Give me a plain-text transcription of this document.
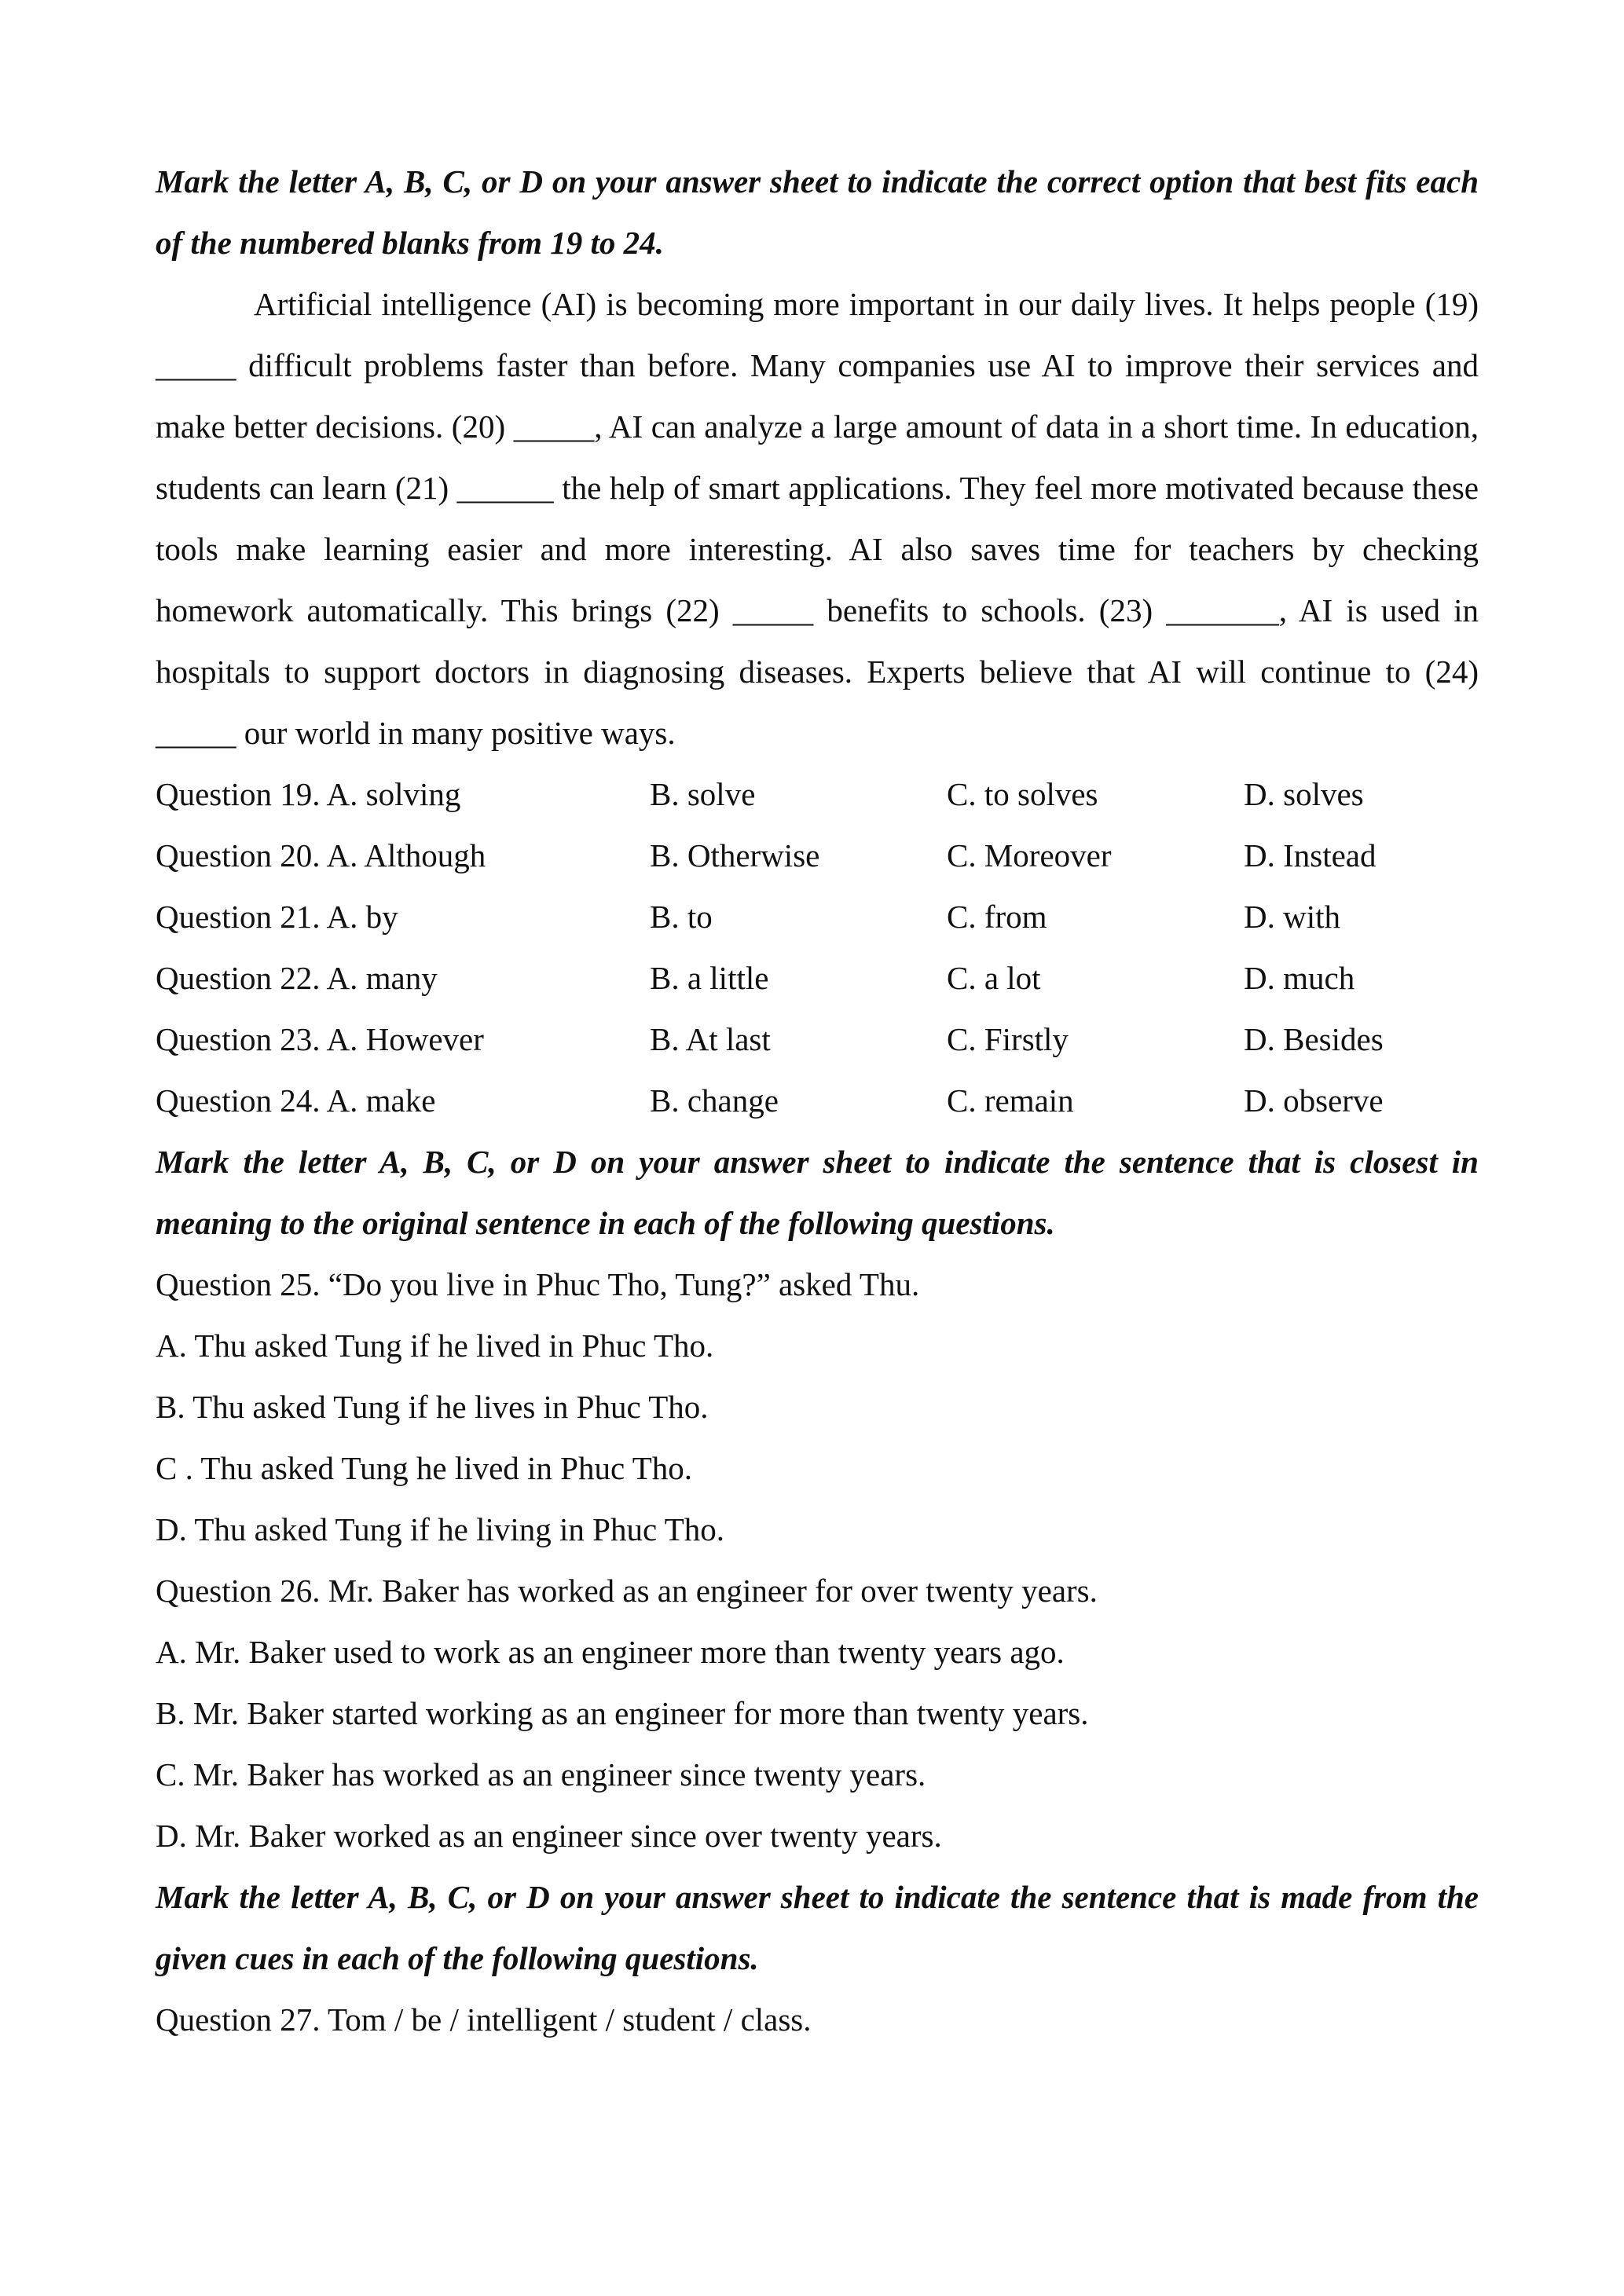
Mark the letter A, B, C, or D on your answer sheet to indicate the correct option that best fits each of the numbered blanks from 19 to 24.
Artificial intelligence (AI) is becoming more important in our daily lives. It helps people (19) _____ difficult problems faster than before. Many companies use AI to improve their services and make better decisions. (20) _____, AI can analyze a large amount of data in a short time. In education, students can learn (21) ______ the help of smart applications. They feel more motivated because these tools make learning easier and more interesting. AI also saves time for teachers by checking homework automatically. This brings (22) _____ benefits to schools. (23) _______, AI is used in hospitals to support doctors in diagnosing diseases. Experts believe that AI will continue to (24) _____ our world in many positive ways.
Question 19. A. solving	B. solve	C. to solves	D. solves
Question 20. A. Although	B. Otherwise	C. Moreover	D. Instead
Question 21. A. by	B. to	C. from	D. with
Question 22. A. many	B. a little	C. a lot	D. much
Question 23. A. However	B. At last	C. Firstly	D. Besides
Question 24. A. make	B. change	C. remain	D. observe
Mark the letter A, B, C, or D on your answer sheet to indicate the sentence that is closest in meaning to the original sentence in each of the following questions.
Question 25. “Do you live in Phuc Tho, Tung?” asked Thu.
A. Thu asked Tung if he lived in Phuc Tho.
B. Thu asked Tung if he lives in Phuc Tho.
C . Thu asked Tung he lived in Phuc Tho.
D. Thu asked Tung if he living in Phuc Tho.
Question 26. Mr. Baker has worked as an engineer for over twenty years.
A. Mr. Baker used to work as an engineer more than twenty years ago.
B. Mr. Baker started working as an engineer for more than twenty years.
C. Mr. Baker has worked as an engineer since twenty years.
D. Mr. Baker worked as an engineer since over twenty years.
Mark the letter A, B, C, or D on your answer sheet to indicate the sentence that is made from the given cues in each of the following questions.
Question 27. Tom / be / intelligent / student / class.
